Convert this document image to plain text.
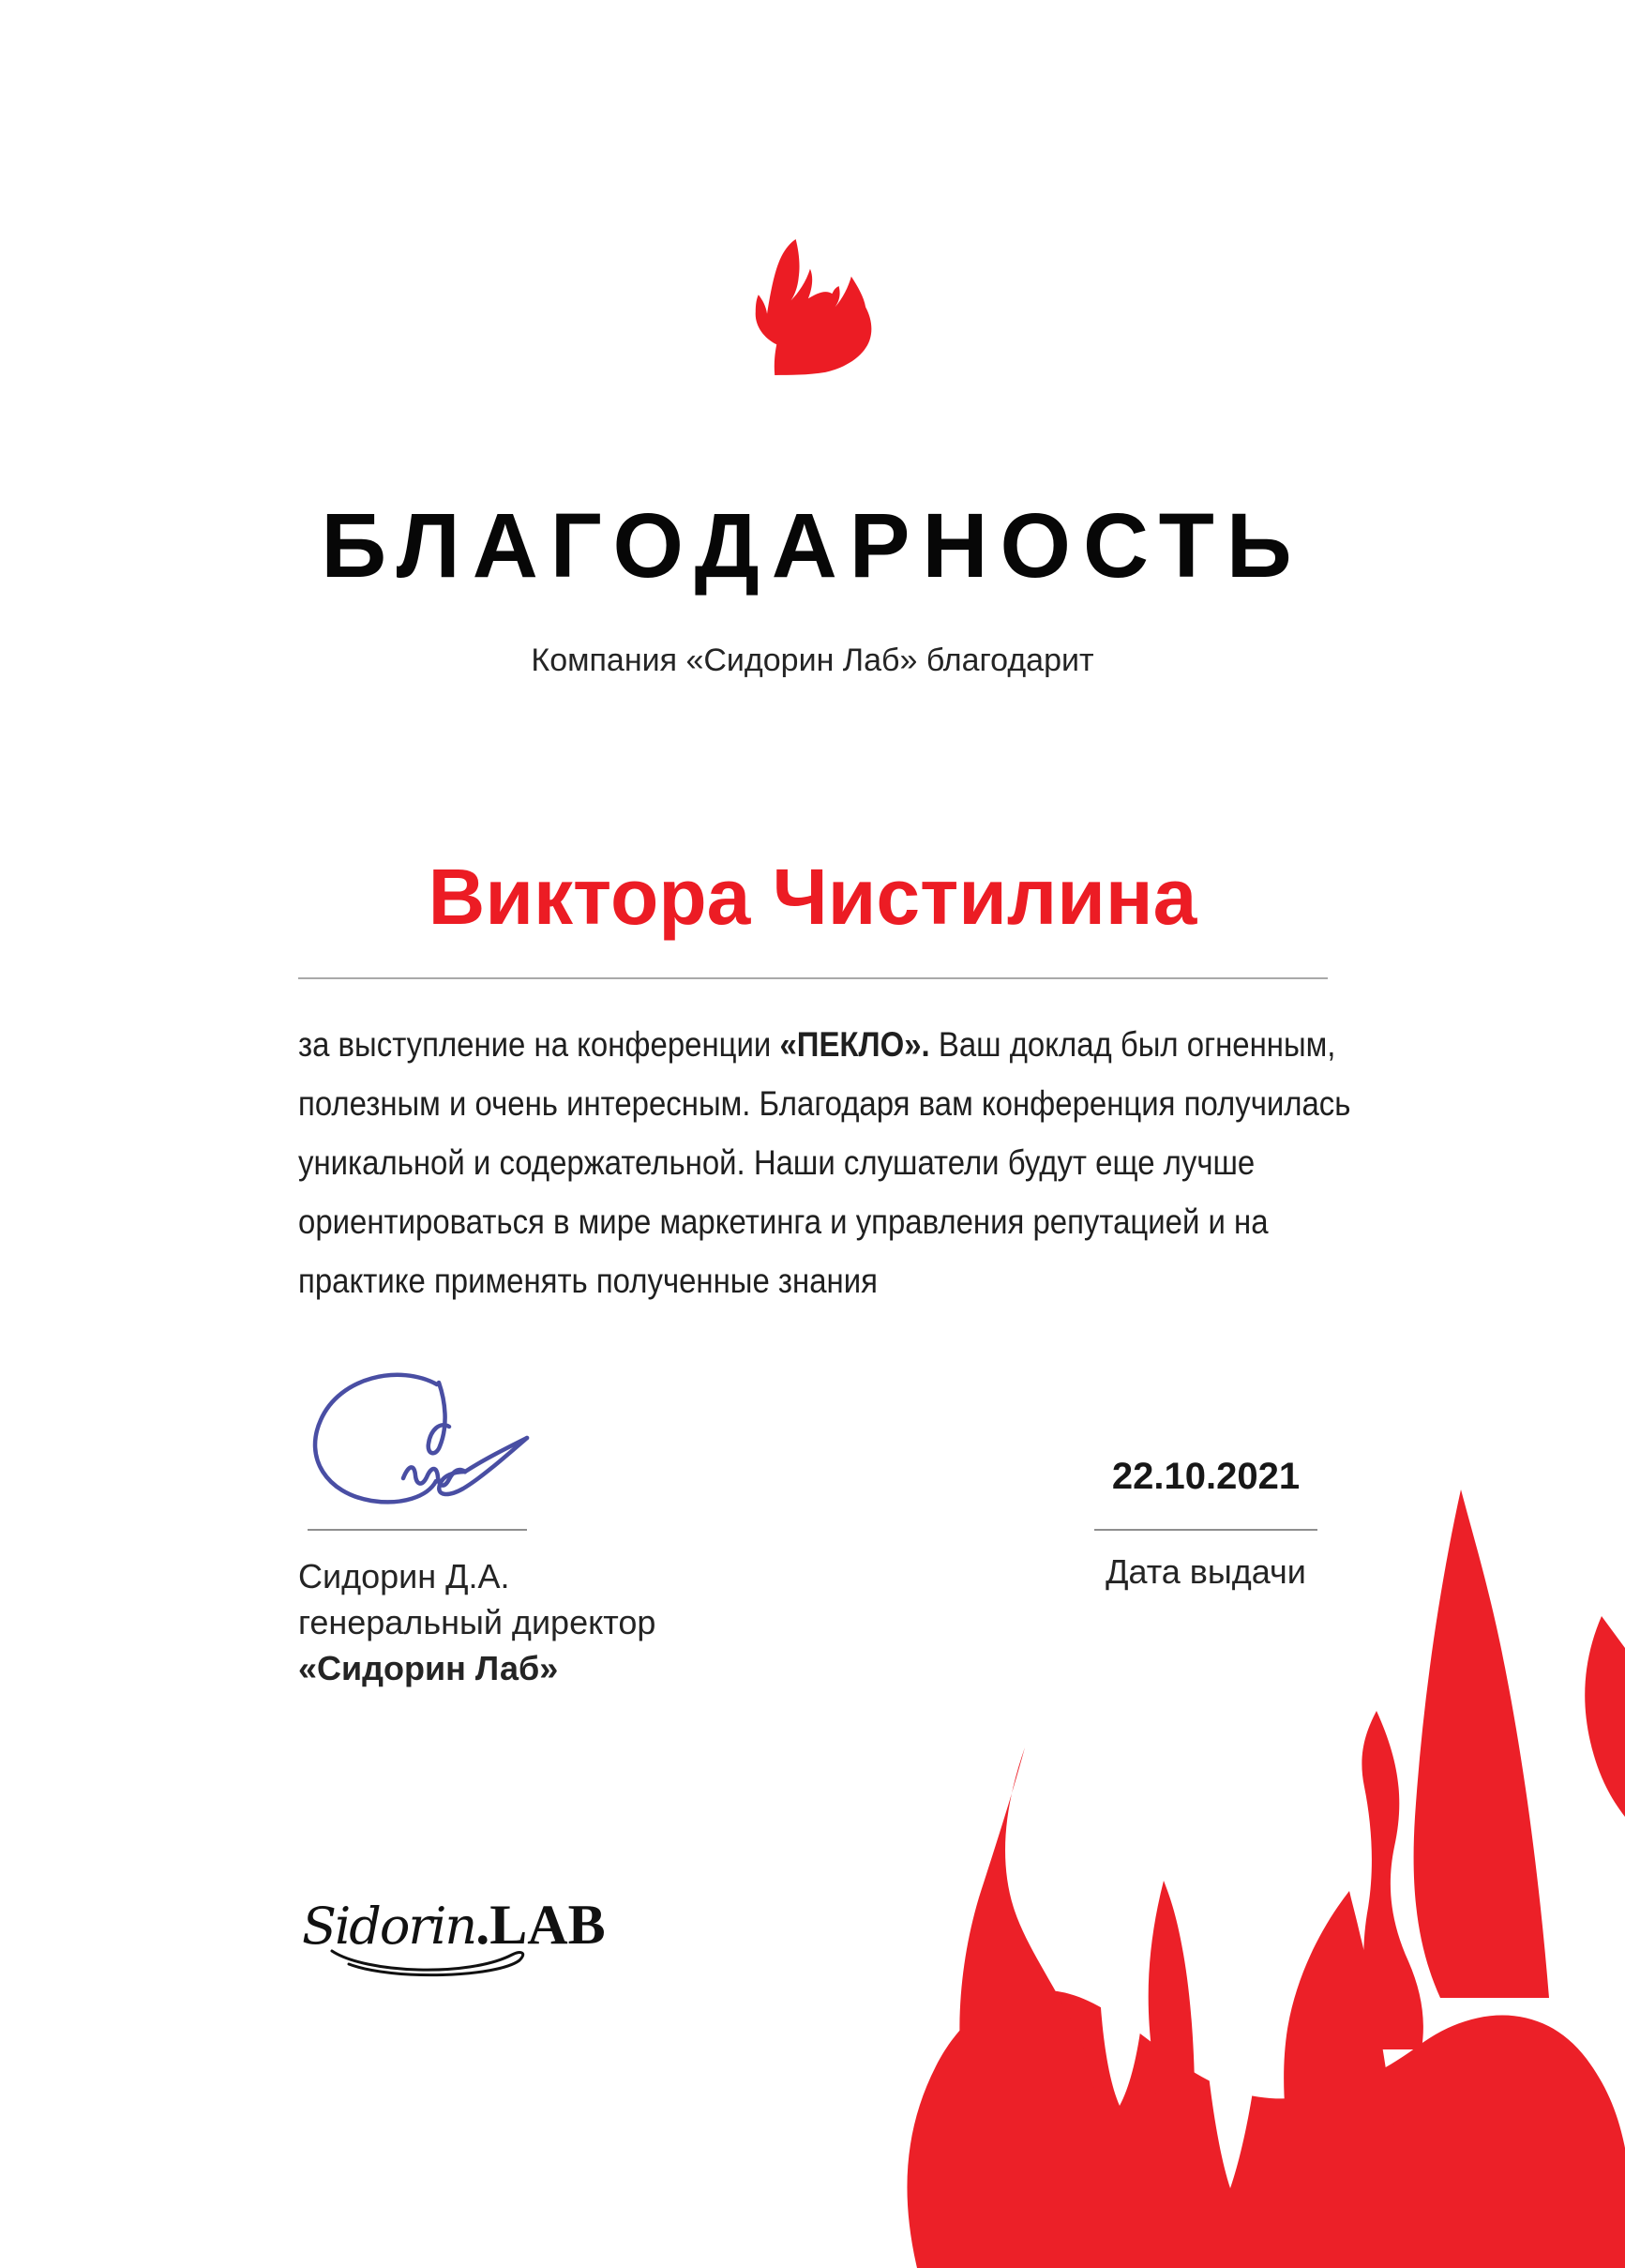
БЛАГОДАРНОСТЬ
Компания «Сидорин Лаб» благодарит
Виктора Чистилина
за выступление на конференции «ПЕКЛО». Ваш доклад был огненным,
полезным и очень интересным. Благодаря вам конференция получилась
уникальной и содержательной. Наши слушатели будут еще лучше
ориентироваться в мире маркетинга и управления репутацией и на
практике применять полученные знания
22.10.2021
Дата выдачи
Сидорин Д.А.
генеральный директор
«Сидорин Лаб»
Sidorin.LAB
